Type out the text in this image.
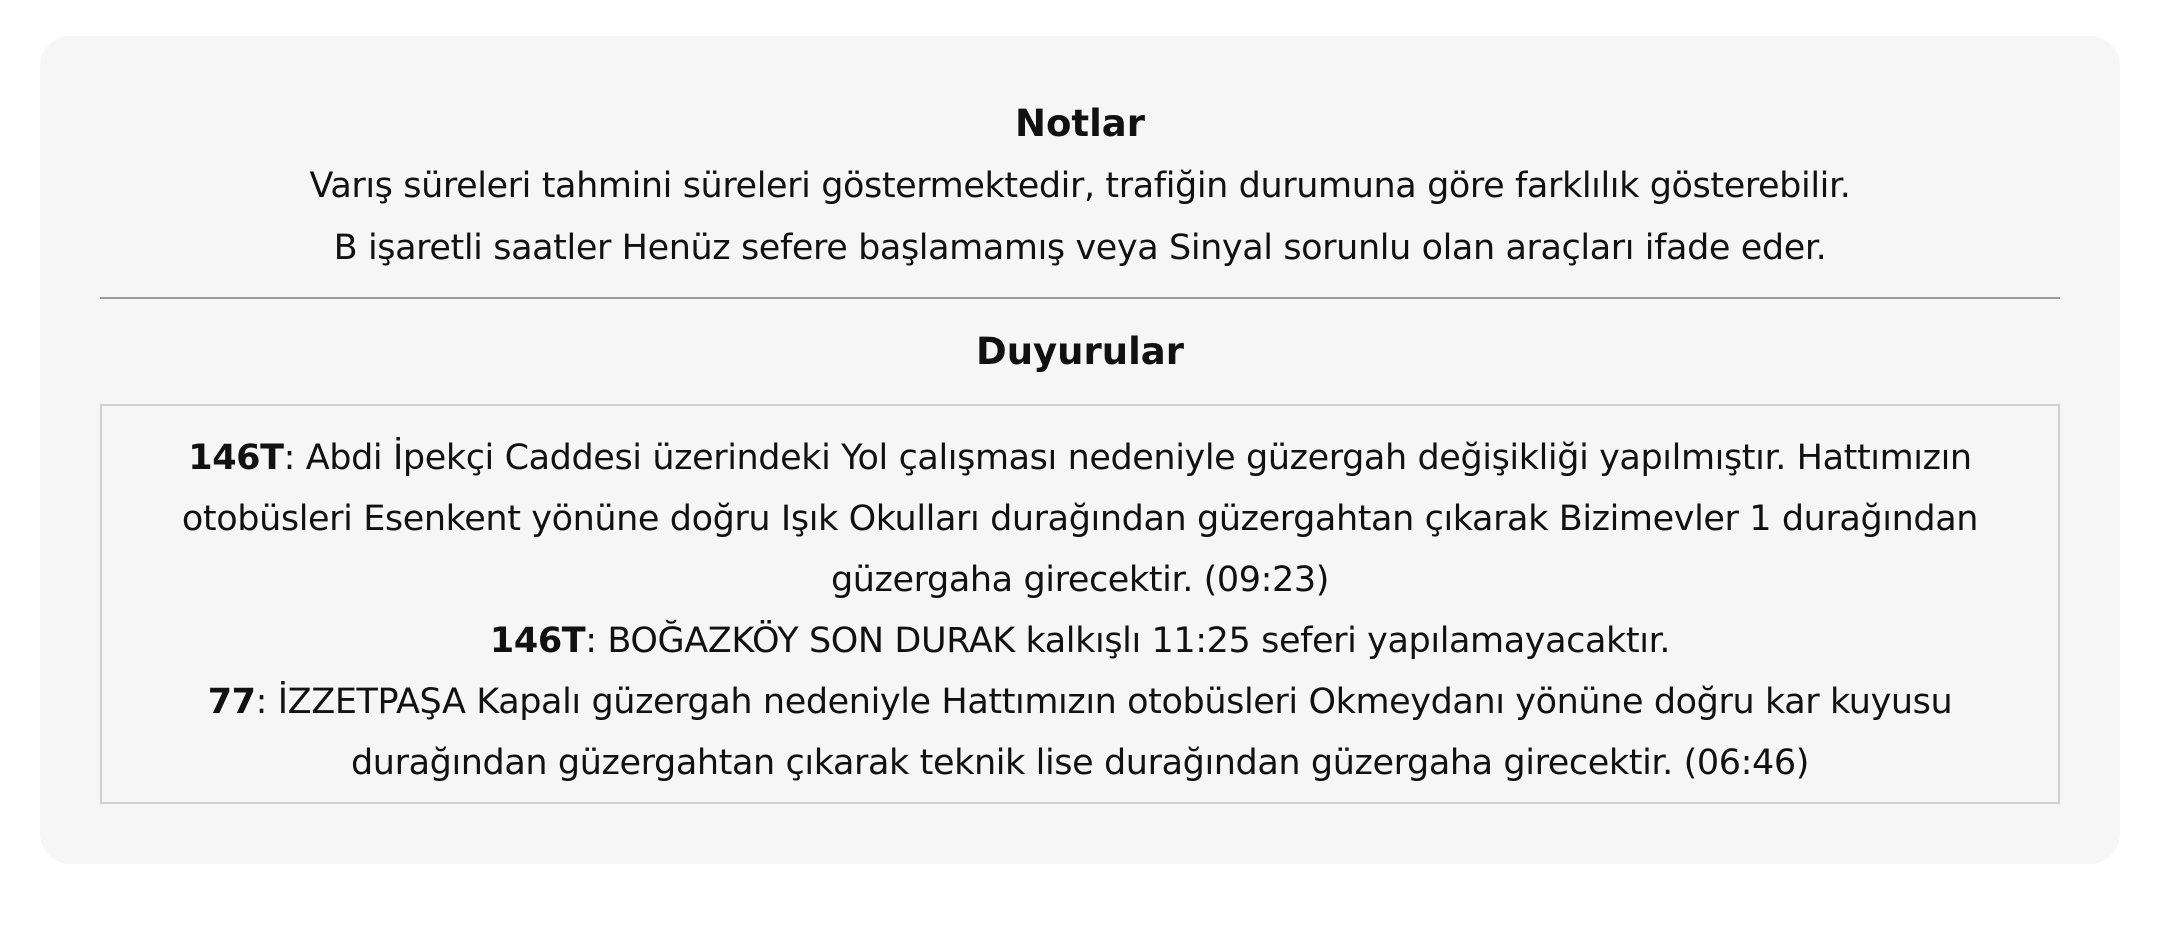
Notlar

Varış süreleri tahmini süreleri göstermektedir, trafiğin durumuna göre farklılık gösterebilir.

B işaretli saatler Henüz sefere başlamamış veya Sinyal sorunlu olan araçları ifade eder.

Duyurular

146T: Abdi İpekçi Caddesi üzerindeki Yol çalışması nedeniyle güzergah değişikliği yapılmıştır. Hattımızın otobüsleri Esenkent yönüne doğru Işık Okulları durağından güzergahtan çıkarak Bizimevler 1 durağından güzergaha girecektir. (09:23)

146T: BOĞAZKÖY SON DURAK kalkışlı 11:25 seferi yapılamayacaktır.

77: İZZETPAŞA Kapalı güzergah nedeniyle Hattımızın otobüsleri Okmeydanı yönüne doğru kar kuyusu durağından güzergahtan çıkarak teknik lise durağından güzergaha girecektir. (06:46)
